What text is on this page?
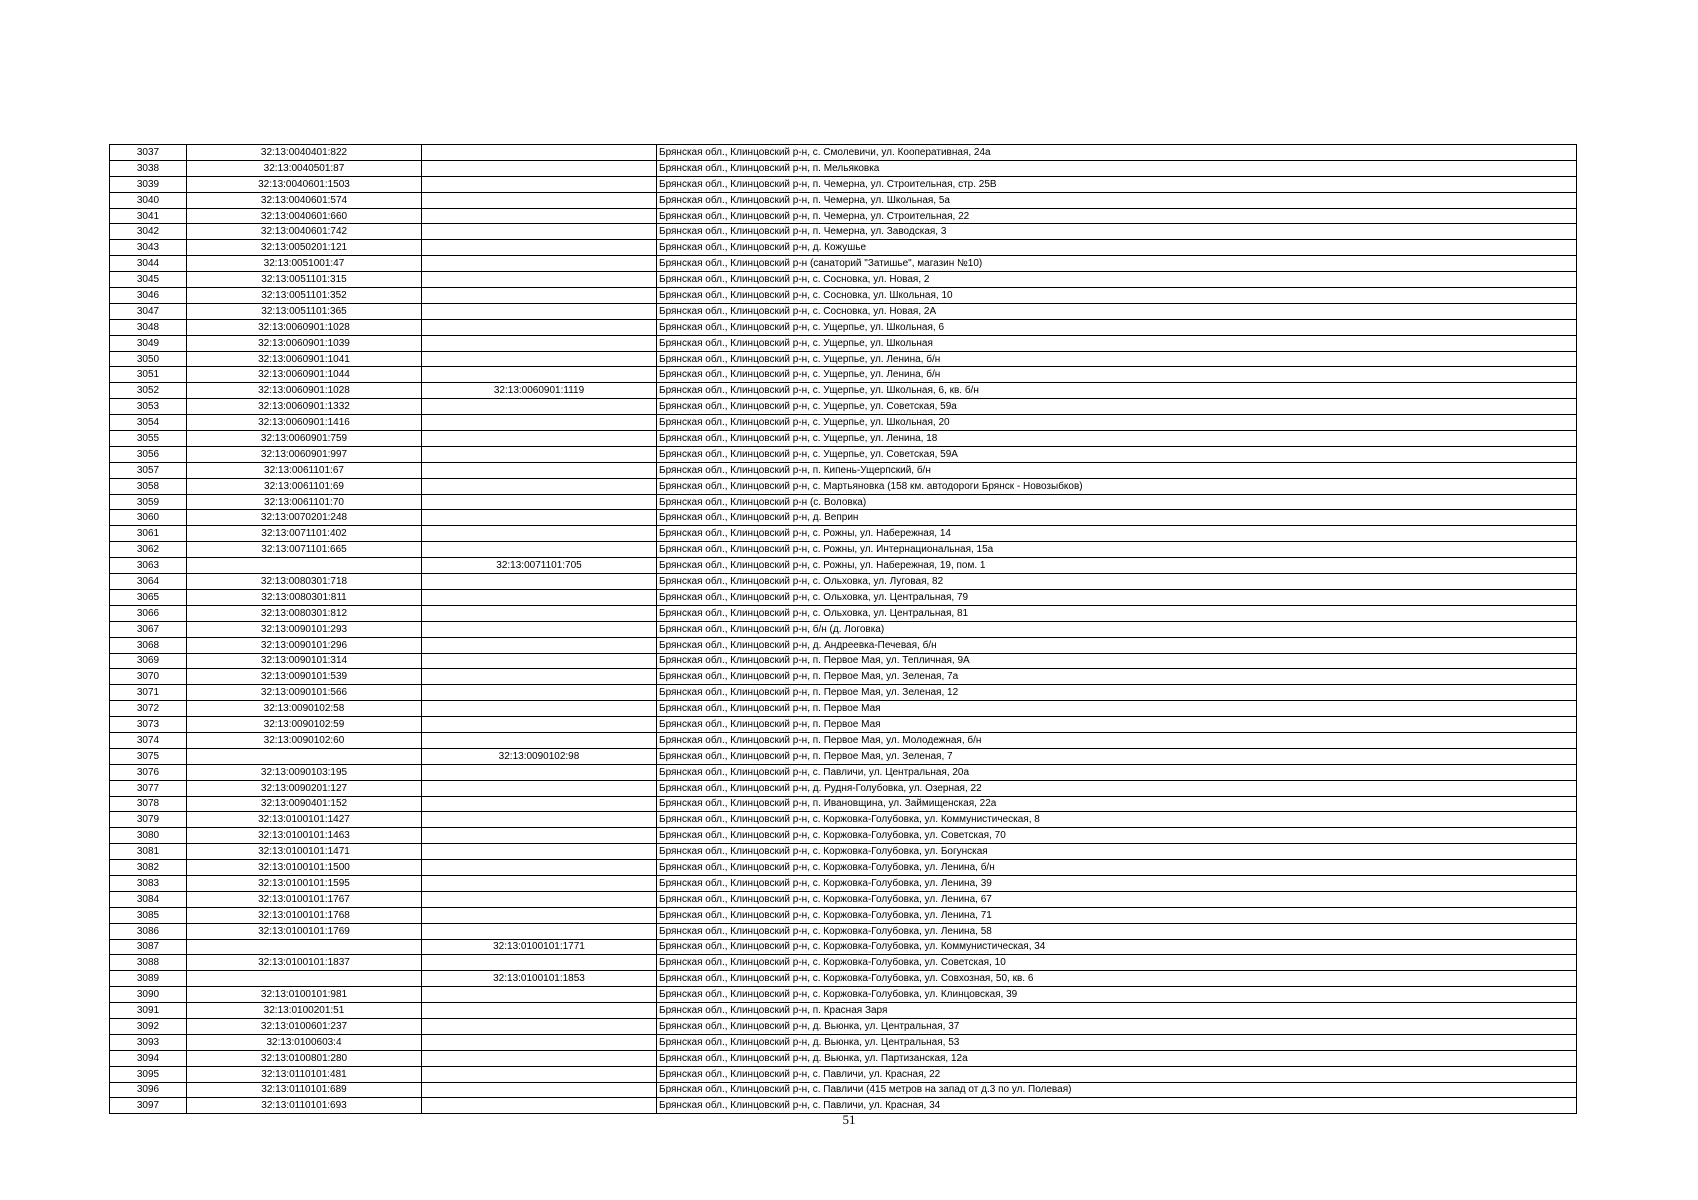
3037	32:13:0040401:822		Брянская обл., Клинцовский р-н, с. Смолевичи, ул. Кооперативная, 24а
3038	32:13:0040501:87		Брянская обл., Клинцовский р-н, п. Мельяковка
3039	32:13:0040601:1503		Брянская обл., Клинцовский р-н, п. Чемерна, ул. Строительная, стр. 25В
3040	32:13:0040601:574		Брянская обл., Клинцовский р-н, п. Чемерна, ул. Школьная, 5а
3041	32:13:0040601:660		Брянская обл., Клинцовский р-н, п. Чемерна, ул. Строительная, 22
3042	32:13:0040601:742		Брянская обл., Клинцовский р-н, п. Чемерна, ул. Заводская, 3
3043	32:13:0050201:121		Брянская обл., Клинцовский р-н, д. Кожушье
3044	32:13:0051001:47		Брянская обл., Клинцовский р-н (санаторий "Затишье", магазин №10)
3045	32:13:0051101:315		Брянская обл., Клинцовский р-н, с. Сосновка, ул. Новая, 2
3046	32:13:0051101:352		Брянская обл., Клинцовский р-н, с. Сосновка, ул. Школьная, 10
3047	32:13:0051101:365		Брянская обл., Клинцовский р-н, с. Сосновка, ул. Новая, 2А
3048	32:13:0060901:1028		Брянская обл., Клинцовский р-н, с. Ущерпье, ул. Школьная, 6
3049	32:13:0060901:1039		Брянская обл., Клинцовский р-н, с. Ущерпье, ул. Школьная
3050	32:13:0060901:1041		Брянская обл., Клинцовский р-н, с. Ущерпье, ул. Ленина, б/н
3051	32:13:0060901:1044		Брянская обл., Клинцовский р-н, с. Ущерпье, ул. Ленина, б/н
3052	32:13:0060901:1028	32:13:0060901:1119	Брянская обл., Клинцовский р-н, с. Ущерпье, ул. Школьная, 6, кв. б/н
3053	32:13:0060901:1332		Брянская обл., Клинцовский р-н, с. Ущерпье, ул. Советская, 59а
3054	32:13:0060901:1416		Брянская обл., Клинцовский р-н, с. Ущерпье, ул. Школьная, 20
3055	32:13:0060901:759		Брянская обл., Клинцовский р-н, с. Ущерпье, ул. Ленина, 18
3056	32:13:0060901:997		Брянская обл., Клинцовский р-н, с. Ущерпье, ул. Советская, 59А
3057	32:13:0061101:67		Брянская обл., Клинцовский р-н, п. Кипень-Ущерпский, б/н
3058	32:13:0061101:69		Брянская обл., Клинцовский р-н, с. Мартьяновка (158 км. автодороги Брянск - Новозыбков)
3059	32:13:0061101:70		Брянская обл., Клинцовский р-н (с. Воловка)
3060	32:13:0070201:248		Брянская обл., Клинцовский р-н, д. Веприн
3061	32:13:0071101:402		Брянская обл., Клинцовский р-н, с. Рожны, ул. Набережная, 14
3062	32:13:0071101:665		Брянская обл., Клинцовский р-н, с. Рожны, ул. Интернациональная, 15а
3063		32:13:0071101:705	Брянская обл., Клинцовский р-н, с. Рожны, ул. Набережная, 19, пом. 1
3064	32:13:0080301:718		Брянская обл., Клинцовский р-н, с. Ольховка, ул. Луговая, 82
3065	32:13:0080301:811		Брянская обл., Клинцовский р-н, с. Ольховка, ул. Центральная, 79
3066	32:13:0080301:812		Брянская обл., Клинцовский р-н, с. Ольховка, ул. Центральная, 81
3067	32:13:0090101:293		Брянская обл., Клинцовский р-н, б/н (д. Логовка)
3068	32:13:0090101:296		Брянская обл., Клинцовский р-н, д. Андреевка-Печевая, б/н
3069	32:13:0090101:314		Брянская обл., Клинцовский р-н, п. Первое Мая, ул. Тепличная, 9А
3070	32:13:0090101:539		Брянская обл., Клинцовский р-н, п. Первое Мая, ул. Зеленая, 7а
3071	32:13:0090101:566		Брянская обл., Клинцовский р-н, п. Первое Мая, ул. Зеленая, 12
3072	32:13:0090102:58		Брянская обл., Клинцовский р-н, п. Первое Мая
3073	32:13:0090102:59		Брянская обл., Клинцовский р-н, п. Первое Мая
3074	32:13:0090102:60		Брянская обл., Клинцовский р-н, п. Первое Мая, ул. Молодежная, б/н
3075		32:13:0090102:98	Брянская обл., Клинцовский р-н, п. Первое Мая, ул. Зеленая, 7
3076	32:13:0090103:195		Брянская обл., Клинцовский р-н, с. Павличи, ул. Центральная, 20а
3077	32:13:0090201:127		Брянская обл., Клинцовский р-н, д. Рудня-Голубовка, ул. Озерная, 22
3078	32:13:0090401:152		Брянская обл., Клинцовский р-н, п. Ивановщина, ул. Займищенская, 22а
3079	32:13:0100101:1427		Брянская обл., Клинцовский р-н, с. Коржовка-Голубовка, ул. Коммунистическая, 8
3080	32:13:0100101:1463		Брянская обл., Клинцовский р-н, с. Коржовка-Голубовка, ул. Советская, 70
3081	32:13:0100101:1471		Брянская обл., Клинцовский р-н, с. Коржовка-Голубовка, ул. Богунская
3082	32:13:0100101:1500		Брянская обл., Клинцовский р-н, с. Коржовка-Голубовка, ул. Ленина, б/н
3083	32:13:0100101:1595		Брянская обл., Клинцовский р-н, с. Коржовка-Голубовка, ул. Ленина, 39
3084	32:13:0100101:1767		Брянская обл., Клинцовский р-н, с. Коржовка-Голубовка, ул. Ленина, 67
3085	32:13:0100101:1768		Брянская обл., Клинцовский р-н, с. Коржовка-Голубовка, ул. Ленина, 71
3086	32:13:0100101:1769		Брянская обл., Клинцовский р-н, с. Коржовка-Голубовка, ул. Ленина, 58
3087		32:13:0100101:1771	Брянская обл., Клинцовский р-н, с. Коржовка-Голубовка, ул. Коммунистическая, 34
3088	32:13:0100101:1837		Брянская обл., Клинцовский р-н, с. Коржовка-Голубовка, ул. Советская, 10
3089		32:13:0100101:1853	Брянская обл., Клинцовский р-н, с. Коржовка-Голубовка, ул. Совхозная, 50, кв. 6
3090	32:13:0100101:981		Брянская обл., Клинцовский р-н, с. Коржовка-Голубовка, ул. Клинцовская, 39
3091	32:13:0100201:51		Брянская обл., Клинцовский р-н, п. Красная Заря
3092	32:13:0100601:237		Брянская обл., Клинцовский р-н, д. Вьюнка, ул. Центральная, 37
3093	32:13:0100603:4		Брянская обл., Клинцовский р-н, д. Вьюнка, ул. Центральная, 53
3094	32:13:0100801:280		Брянская обл., Клинцовский р-н, д. Вьюнка, ул. Партизанская, 12а
3095	32:13:0110101:481		Брянская обл., Клинцовский р-н, с. Павличи, ул. Красная, 22
3096	32:13:0110101:689		Брянская обл., Клинцовский р-н, с. Павличи (415 метров на запад от д.3 по ул. Полевая)
3097	32:13:0110101:693		Брянская обл., Клинцовский р-н, с. Павличи, ул. Красная, 34
51
